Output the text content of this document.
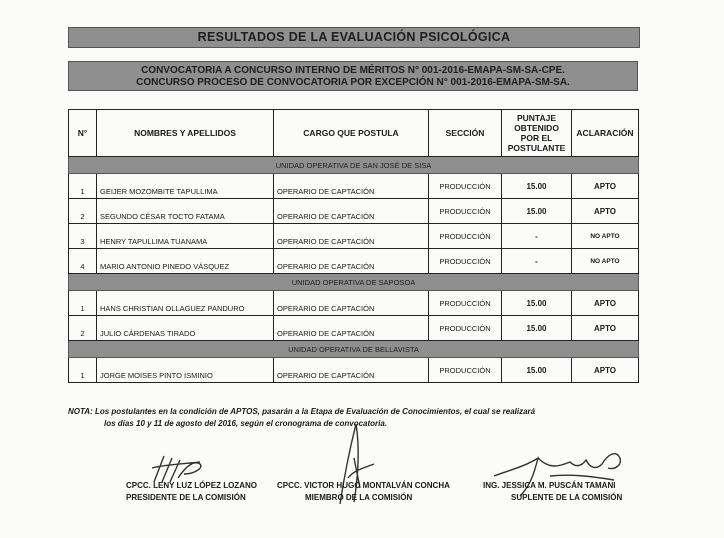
RESULTADOS DE LA EVALUACIÓN PSICOLÓGICA
CONVOCATORIA A CONCURSO INTERNO DE MÉRITOS N° 001-2016-EMAPA-SM-SA-CPE.
CONCURSO PROCESO DE CONVOCATORIA POR EXCEPCIÓN N° 001-2016-EMAPA-SM-SA.
N°	NOMBRES Y APELLIDOS	CARGO QUE POSTULA	SECCIÓN	PUNTAJE OBTENIDO POR EL POSTULANTE	ACLARACIÓN
UNIDAD OPERATIVA DE SAN JOSÉ DE SISA					
1	GEIJER MOZOMBITE TAPULLIMA	OPERARIO DE CAPTACIÓN	PRODUCCIÓN	15.00	APTO
2	SEGUNDO CÉSAR TOCTO FATAMA	OPERARIO DE CAPTACIÓN	PRODUCCIÓN	15.00	APTO
3	HENRY TAPULLIMA TUANAMA	OPERARIO DE CAPTACIÓN	PRODUCCIÓN	-	NO APTO
4	MARIO ANTONIO PINEDO VÁSQUEZ	OPERARIO DE CAPTACIÓN	PRODUCCIÓN	-	NO APTO
UNIDAD OPERATIVA DE SAPOSOA					
1	HANS CHRISTIAN OLLAGUEZ PANDURO	OPERARIO DE CAPTACIÓN	PRODUCCIÓN	15.00	APTO
2	JULIO CÁRDENAS TIRADO	OPERARIO DE CAPTACIÓN	PRODUCCIÓN	15.00	APTO
UNIDAD OPERATIVA DE BELLAVISTA					
1	JORGE MOISES PINTO ISMINIO	OPERARIO DE CAPTACIÓN	PRODUCCIÓN	15.00	APTO
NOTA: Los postulantes en la condición de APTOS, pasarán a la Etapa de Evaluación de Conocimientos, el cual se realizará
los días 10 y 11 de agosto del 2016, según el cronograma de convocatoria.
CPCC. LENY LUZ LÓPEZ LOZANO
PRESIDENTE DE LA COMISIÓN
CPCC. VICTOR HUGO MONTALVÁN CONCHA
MIEMBRO DE LA COMISIÓN
ING. JESSICA M. PUSCÁN TAMANI
SUPLENTE DE LA COMISIÓN
